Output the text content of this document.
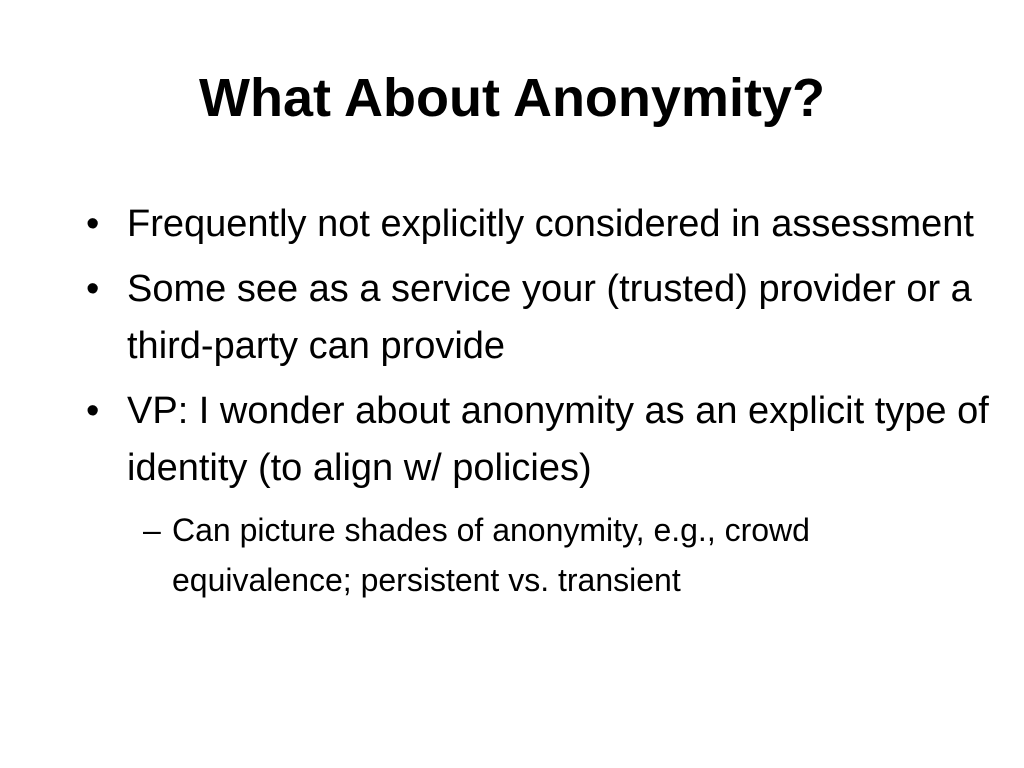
What About Anonymity?
• Frequently not explicitly considered in assessment
• Some see as a service your (trusted) provider or a third-party can provide
• VP: I wonder about anonymity as an explicit type of identity (to align w/ policies)
– Can picture shades of anonymity, e.g., crowd equivalence; persistent vs. transient
